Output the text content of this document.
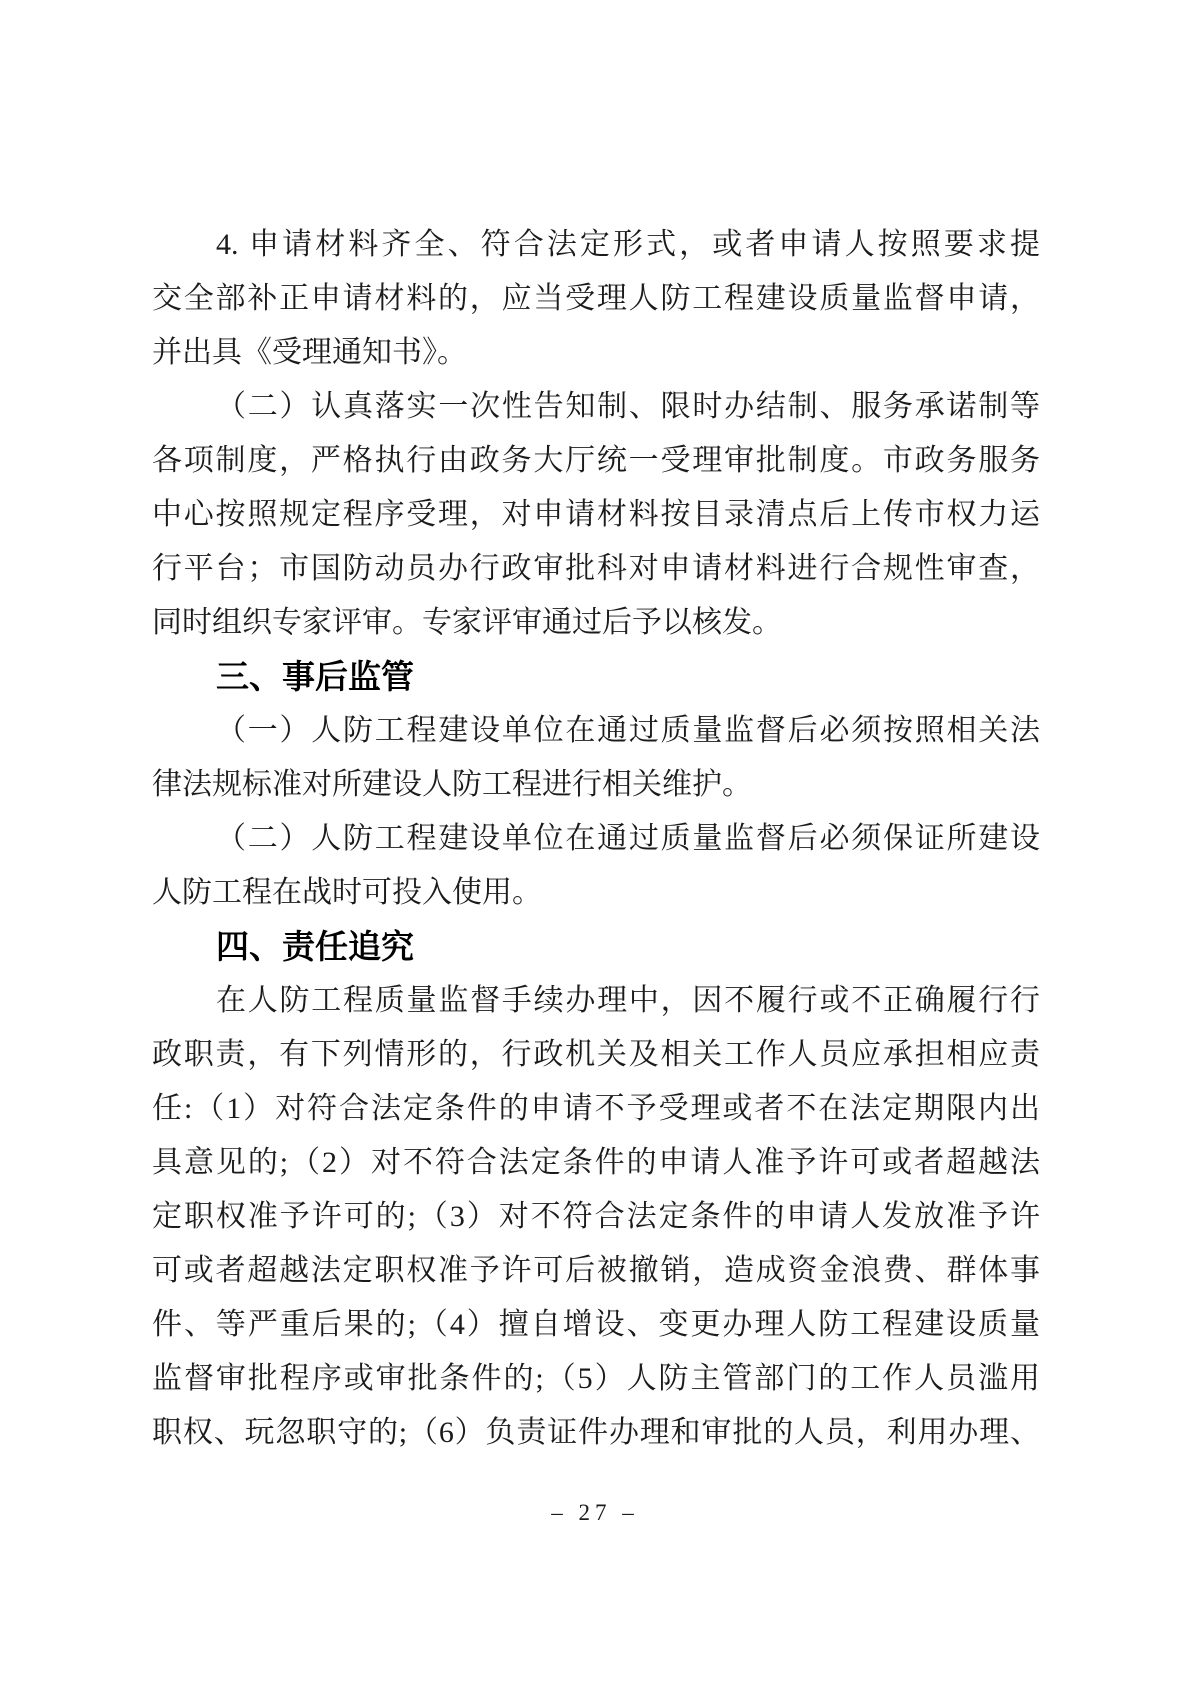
4. 申请材料齐全、符合法定形式，或者申请人按照要求提
交全部补正申请材料的，应当受理人防工程建设质量监督申请，
并出具《受理通知书》。
（二）认真落实一次性告知制、限时办结制、服务承诺制等
各项制度，严格执行由政务大厅统一受理审批制度。市政务服务
中心按照规定程序受理，对申请材料按目录清点后上传市权力运
行平台；市国防动员办行政审批科对申请材料进行合规性审查，
同时组织专家评审。专家评审通过后予以核发。
三、事后监管
（一）人防工程建设单位在通过质量监督后必须按照相关法
律法规标准对所建设人防工程进行相关维护。
（二）人防工程建设单位在通过质量监督后必须保证所建设
人防工程在战时可投入使用。
四、责任追究
在人防工程质量监督手续办理中，因不履行或不正确履行行
政职责，有下列情形的，行政机关及相关工作人员应承担相应责
任:（1）对符合法定条件的申请不予受理或者不在法定期限内出
具意见的;（2）对不符合法定条件的申请人准予许可或者超越法
定职权准予许可的;（3）对不符合法定条件的申请人发放准予许
可或者超越法定职权准予许可后被撤销，造成资金浪费、群体事
件、等严重后果的;（4）擅自增设、变更办理人防工程建设质量
监督审批程序或审批条件的;（5）人防主管部门的工作人员滥用
职权、玩忽职守的;（6）负责证件办理和审批的人员，利用办理、
– 27 –
